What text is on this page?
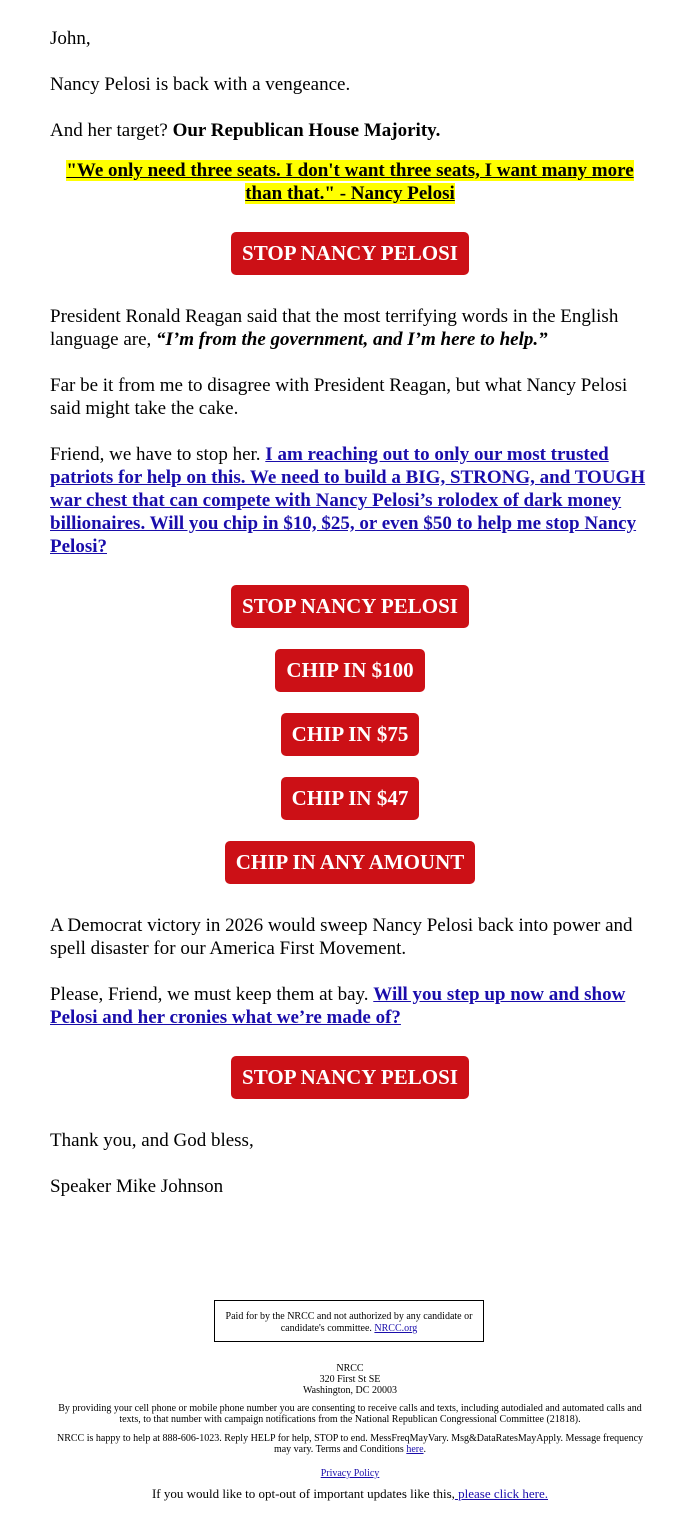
John,

Nancy Pelosi is back with a vengeance.

And her target? Our Republican House Majority.

"We only need three seats. I don't want three seats, I want many more than that." - Nancy Pelosi
STOP NANCY PELOSI

President Ronald Reagan said that the most terrifying words in the English language are, “I’m from the government, and I’m here to help.”

Far be it from me to disagree with President Reagan, but what Nancy Pelosi said might take the cake.

Friend, we have to stop her. I am reaching out to only our most trusted patriots for help on this. We need to build a BIG, STRONG, and TOUGH war chest that can compete with Nancy Pelosi’s rolodex of dark money billionaires. Will you chip in $10, $25, or even $50 to help me stop Nancy Pelosi?

STOP NANCY PELOSI
CHIP IN $100
CHIP IN $75
CHIP IN $47
CHIP IN ANY AMOUNT

A Democrat victory in 2026 would sweep Nancy Pelosi back into power and spell disaster for our America First Movement.

Please, Friend, we must keep them at bay. Will you step up now and show Pelosi and her cronies what we’re made of?

STOP NANCY PELOSI

Thank you, and God bless,

Speaker Mike Johnson

Paid for by the NRCC and not authorized by any candidate or candidate's committee. NRCC.org
NRCC
320 First St SE
Washington, DC 20003
By providing your cell phone or mobile phone number you are consenting to receive calls and texts, including autodialed and automated calls and texts, to that number with campaign notifications from the National Republican Congressional Committee (21818).
NRCC is happy to help at 888-606-1023. Reply HELP for help, STOP to end. MessFreqMayVary. Msg&DataRatesMayApply. Message frequency may vary. Terms and Conditions here.
Privacy Policy
If you would like to opt-out of important updates like this, please click here.
